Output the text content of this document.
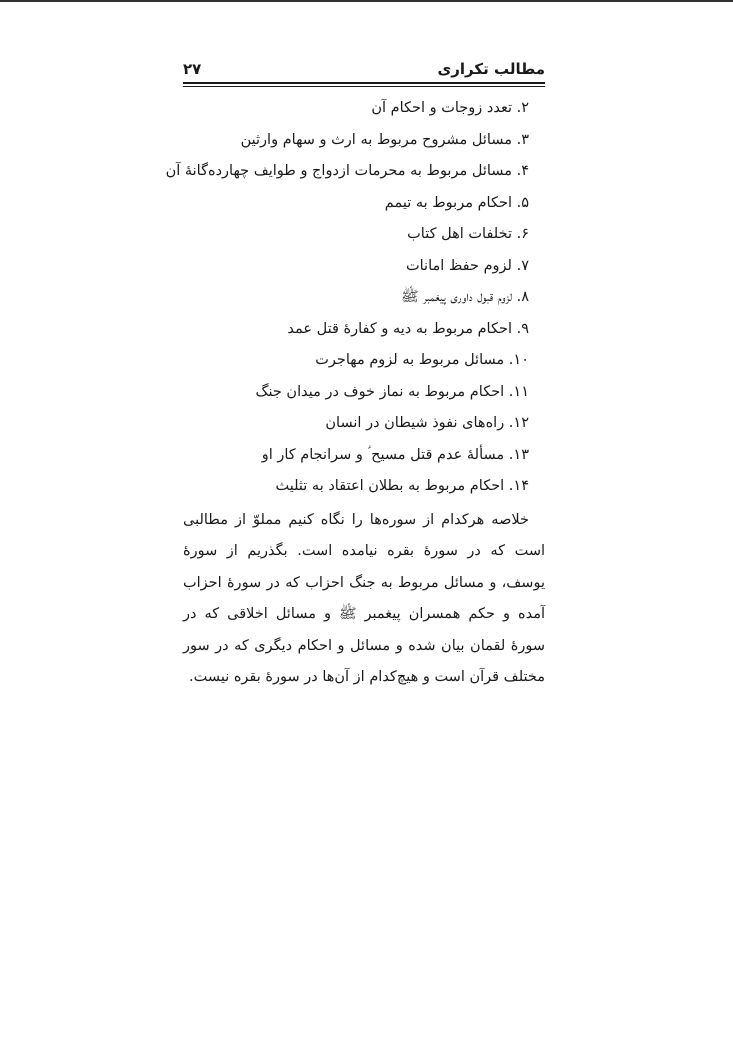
مطالب تکراری
۲۷
۲. تعدد زوجات و احکام آن
۳. مسائل مشروح مربوط به ارث و سهام وارثین
۴. مسائل مربوط به محرمات ازدواج و طوایف چهارده‌گانۀ آن
۵. احکام مربوط به تیمم
۶. تخلفات اهل کتاب
۷. لزوم حفظ امانات
۸. لزوم قبول داوری پیغمبر ﷺ
۹. احکام مربوط به دیه و کفارۀ قتل عمد
۱۰. مسائل مربوط به لزوم مهاجرت
۱۱. احکام مربوط به نماز خوف در میدان جنگ
۱۲. راه‌های نفوذ شیطان در انسان
۱۳. مسألۀ عدم قتل مسیح ؑ و سرانجام کار او
۱۴. احکام مربوط به بطلان اعتقاد به تثلیث

خلاصه هرکدام از سوره‌ها را نگاه کنیم مملوّ از مطالبی است که در سورۀ بقره نیامده است. بگذریم از سورۀ یوسف، و مسائل مربوط به جنگ احزاب که در سورۀ احزاب آمده و حکم همسران پیغمبر ﷺ و مسائل اخلاقی که در سورۀ لقمان بیان شده و مسائل و احکام دیگری که در سور مختلف قرآن است و هیچ‌کدام از آن‌ها در سورۀ بقره نیست.
